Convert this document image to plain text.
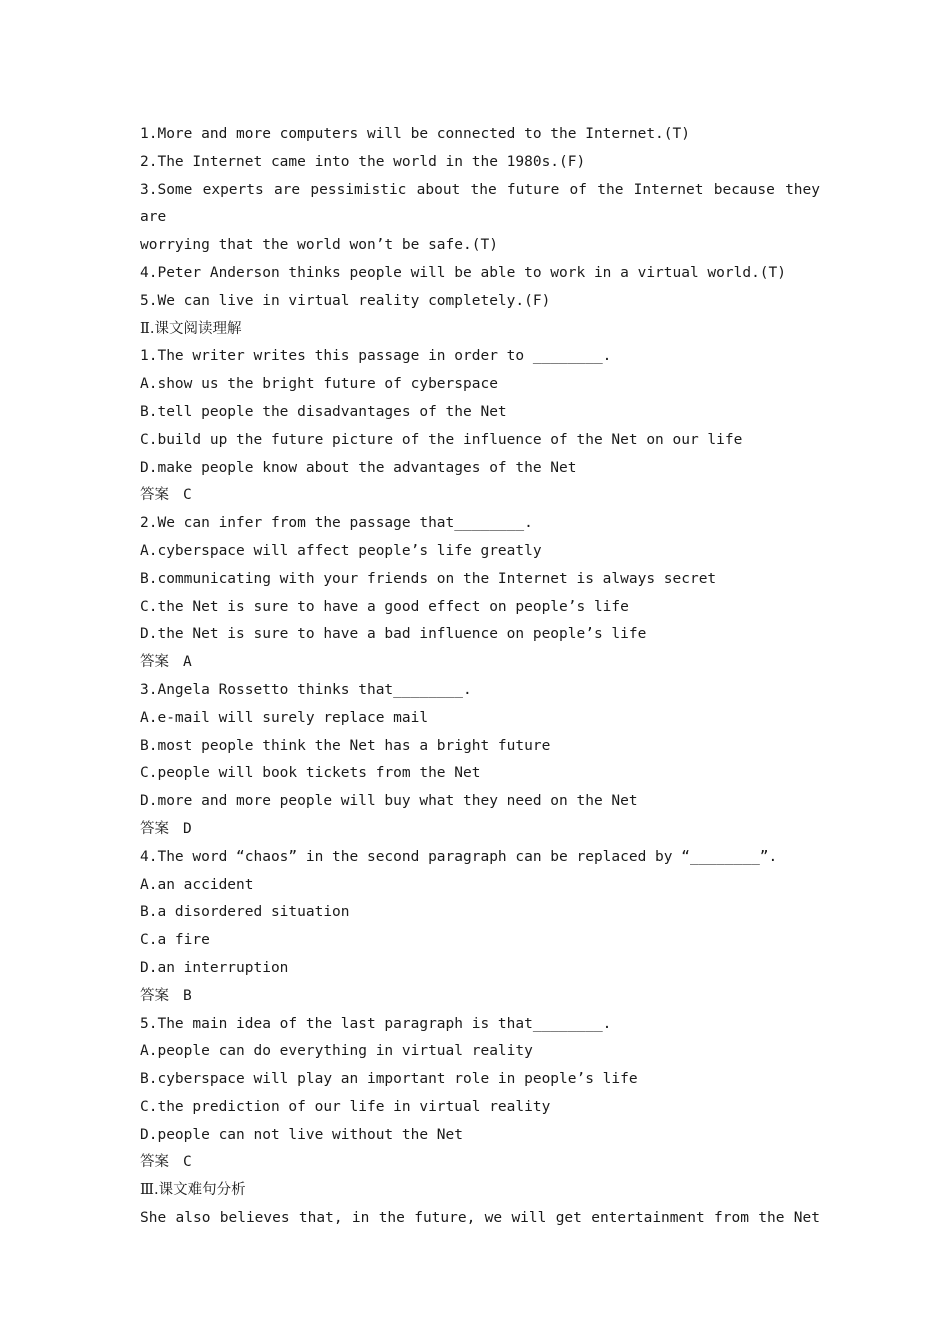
1.More and more computers will be connected to the Internet.(T)

2.The Internet came into the world in the 1980s.(F)

3.Some experts are pessimistic about the future of the Internet because they are

worrying that the world won’t be safe.(T)

4.Peter Anderson thinks people will be able to work in a virtual world.(T)

5.We can live in virtual reality completely.(F)

Ⅱ.课文阅读理解

1.The writer writes this passage in order to ________.

A.show us the bright future of cyberspace

B.tell people the disadvantages of the Net

C.build up the future picture of the influence of the Net on our life

D.make people know about the advantages of the Net

答案 C

2.We can infer from the passage that________.

A.cyberspace will affect people’s life greatly

B.communicating with your friends on the Internet is always secret

C.the Net is sure to have a good effect on people’s life

D.the Net is sure to have a bad influence on people’s life

答案 A

3.Angela Rossetto thinks that________.

A.e-mail will surely replace mail

B.most people think the Net has a bright future

C.people will book tickets from the Net

D.more and more people will buy what they need on the Net

答案 D

4.The word “chaos” in the second paragraph can be replaced by “________”.

A.an accident

B.a disordered situation

C.a fire

D.an interruption

答案 B

5.The main idea of the last paragraph is that________.

A.people can do everything in virtual reality

B.cyberspace will play an important role in people’s life

C.the prediction of our life in virtual reality

D.people can not live without the Net

答案 C

Ⅲ.课文难句分析

She also believes that, in the future, we will get entertainment from the Net
